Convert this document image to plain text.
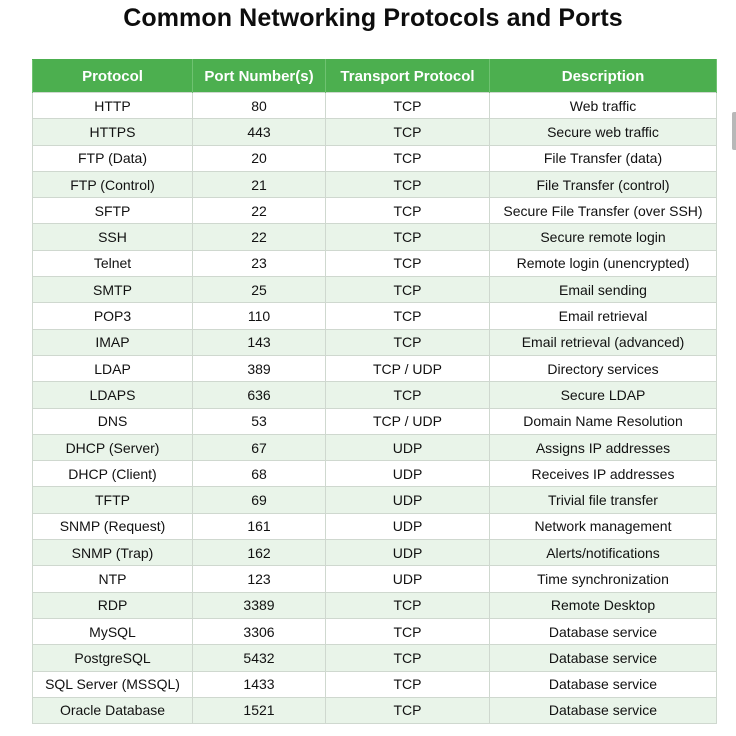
Common Networking Protocols and Ports
Protocol	Port Number(s)	Transport Protocol	Description
HTTP	80	TCP	Web traffic
HTTPS	443	TCP	Secure web traffic
FTP (Data)	20	TCP	File Transfer (data)
FTP (Control)	21	TCP	File Transfer (control)
SFTP	22	TCP	Secure File Transfer (over SSH)
SSH	22	TCP	Secure remote login
Telnet	23	TCP	Remote login (unencrypted)
SMTP	25	TCP	Email sending
POP3	110	TCP	Email retrieval
IMAP	143	TCP	Email retrieval (advanced)
LDAP	389	TCP / UDP	Directory services
LDAPS	636	TCP	Secure LDAP
DNS	53	TCP / UDP	Domain Name Resolution
DHCP (Server)	67	UDP	Assigns IP addresses
DHCP (Client)	68	UDP	Receives IP addresses
TFTP	69	UDP	Trivial file transfer
SNMP (Request)	161	UDP	Network management
SNMP (Trap)	162	UDP	Alerts/notifications
NTP	123	UDP	Time synchronization
RDP	3389	TCP	Remote Desktop
MySQL	3306	TCP	Database service
PostgreSQL	5432	TCP	Database service
SQL Server (MSSQL)	1433	TCP	Database service
Oracle Database	1521	TCP	Database service
